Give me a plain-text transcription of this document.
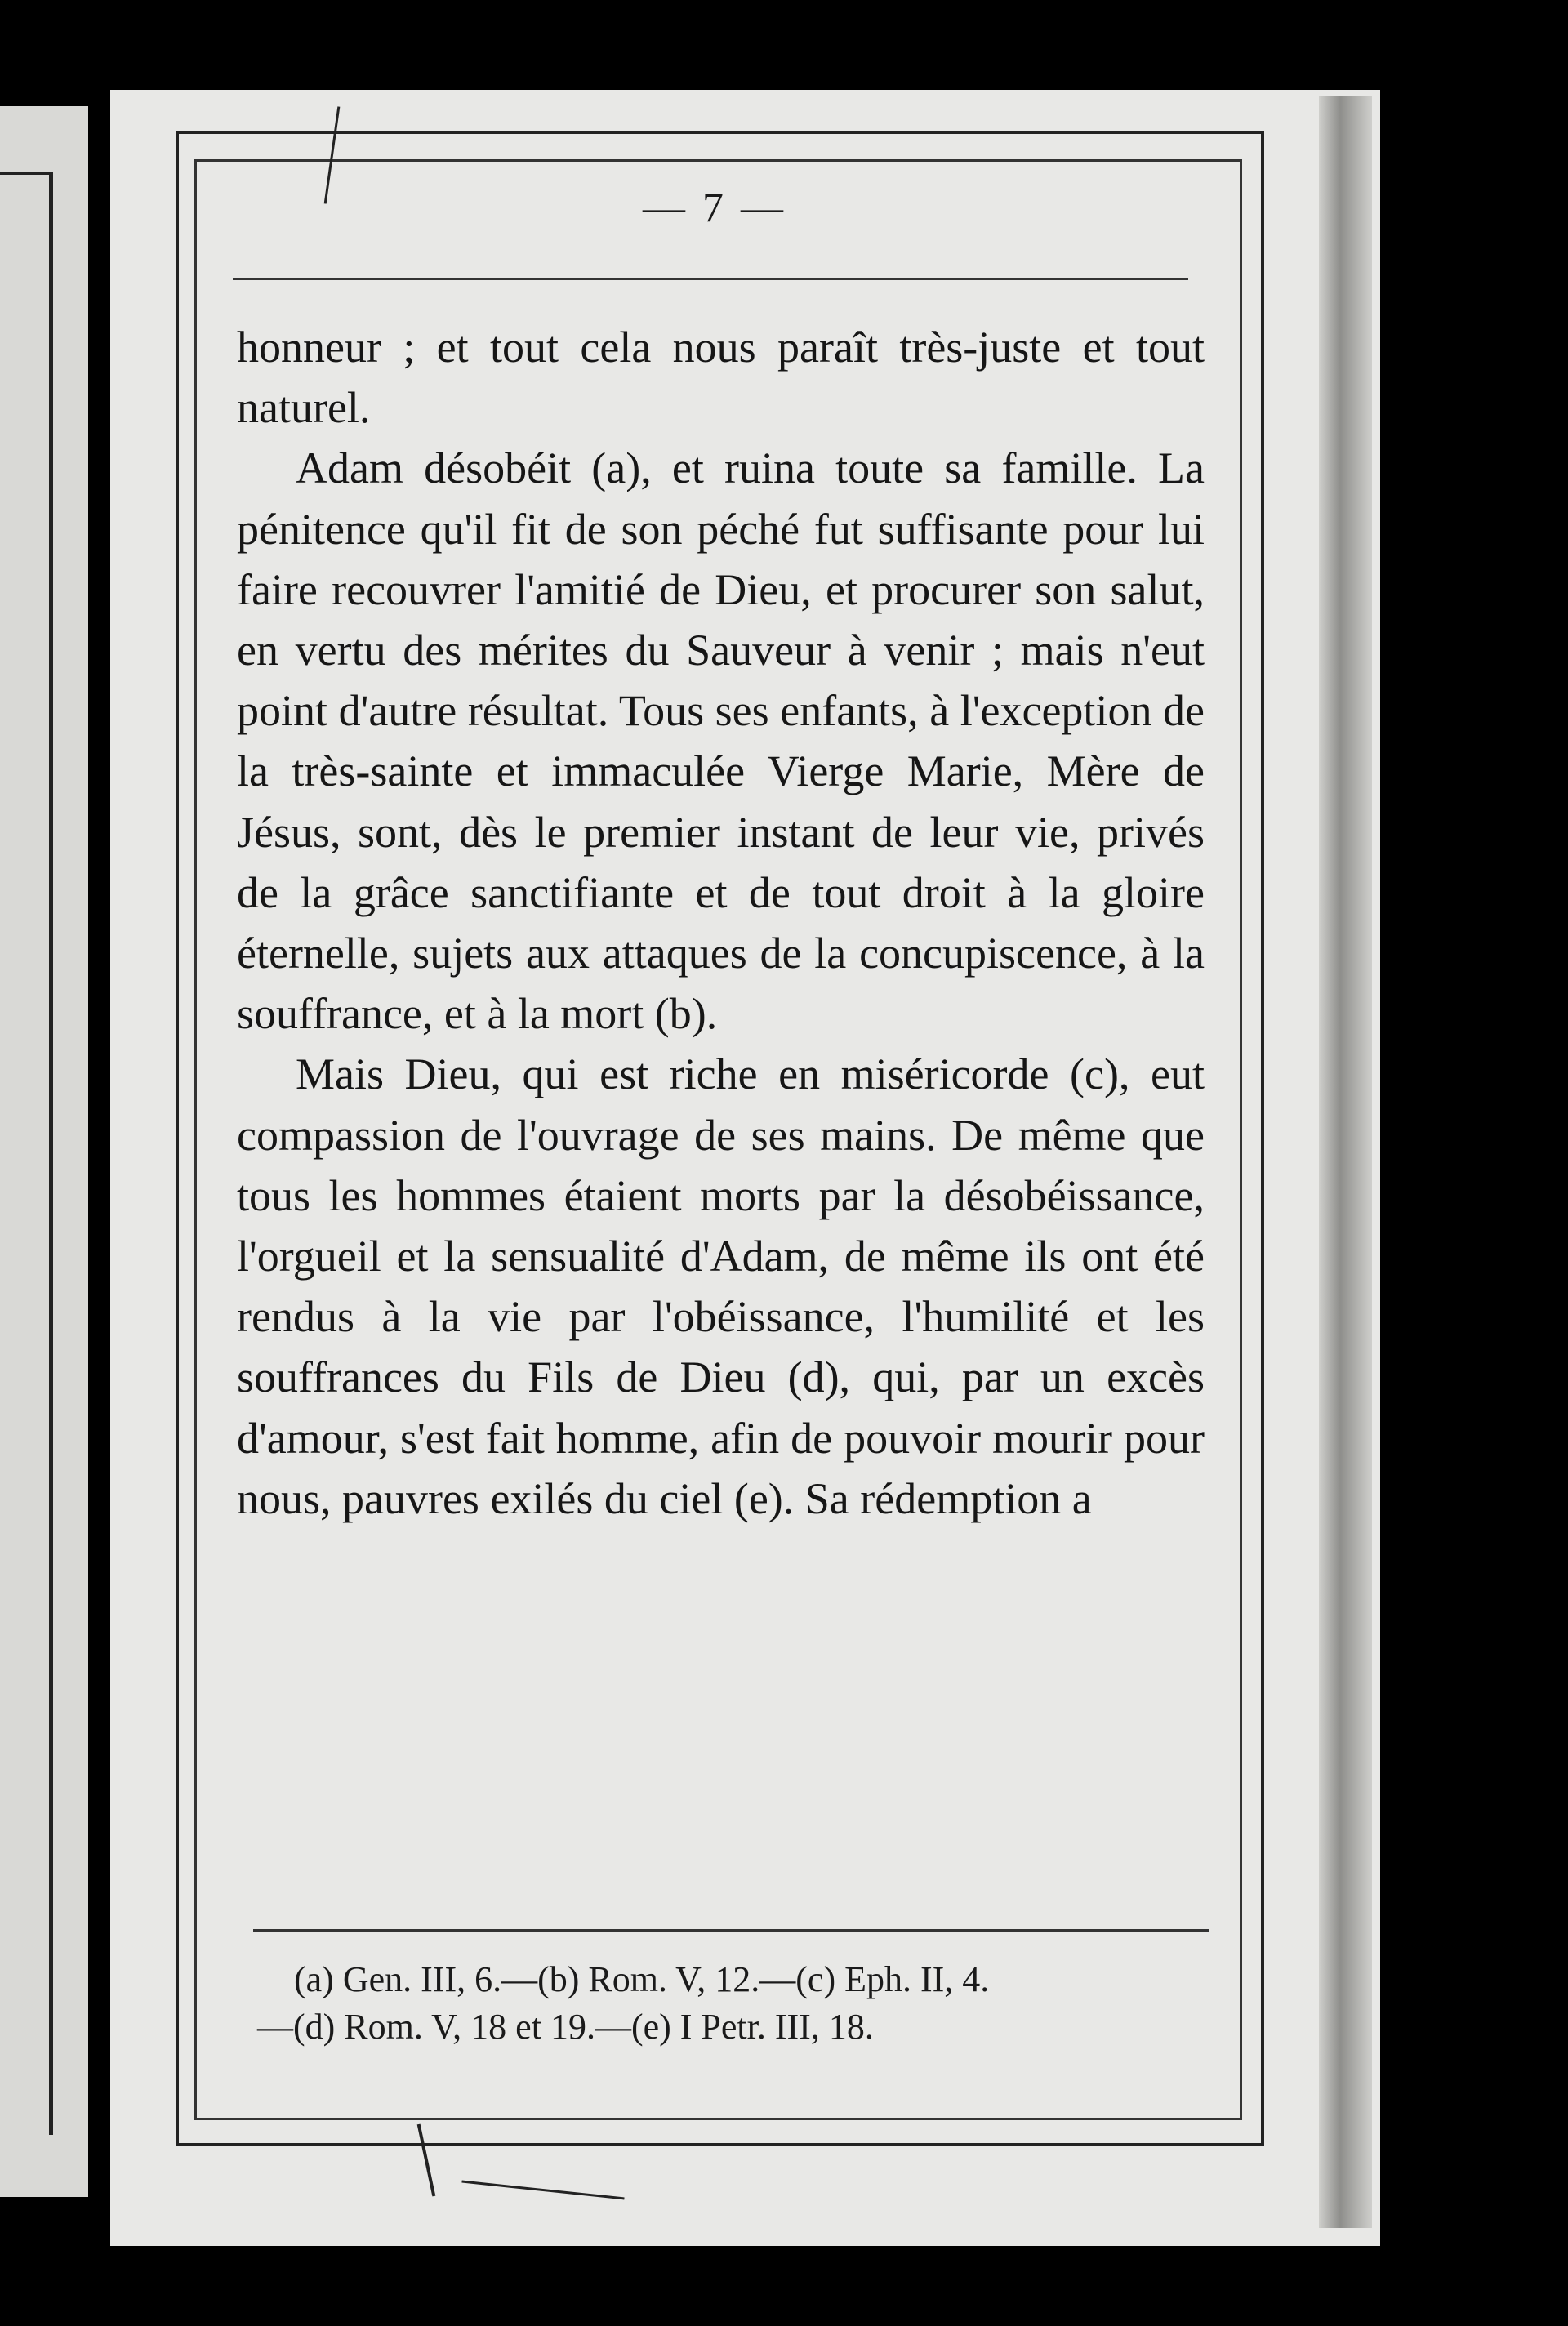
— 7 —

honneur ; et tout cela nous paraît très-juste et tout naturel.

Adam désobéit (a), et ruina toute sa famille. La pénitence qu'il fit de son péché fut suffisante pour lui faire recouvrer l'amitié de Dieu, et procurer son salut, en vertu des mérites du Sauveur à venir ; mais n'eut point d'autre résultat. Tous ses enfants, à l'exception de la très-sainte et immaculée Vierge Marie, Mère de Jésus, sont, dès le premier instant de leur vie, privés de la grâce sanctifiante et de tout droit à la gloire éternelle, sujets aux attaques de la concupiscence, à la souffrance, et à la mort (b).

Mais Dieu, qui est riche en miséricorde (c), eut compassion de l'ouvrage de ses mains. De même que tous les hommes étaient morts par la désobéissance, l'orgueil et la sensualité d'Adam, de même ils ont été rendus à la vie par l'obéissance, l'humilité et les souffrances du Fils de Dieu (d), qui, par un excès d'amour, s'est fait homme, afin de pouvoir mourir pour nous, pauvres exilés du ciel (e). Sa rédemption a

(a) Gen. III, 6.—(b) Rom. V, 12.—(c) Eph. II, 4.
—(d) Rom. V, 18 et 19.—(e) I Petr. III, 18.
